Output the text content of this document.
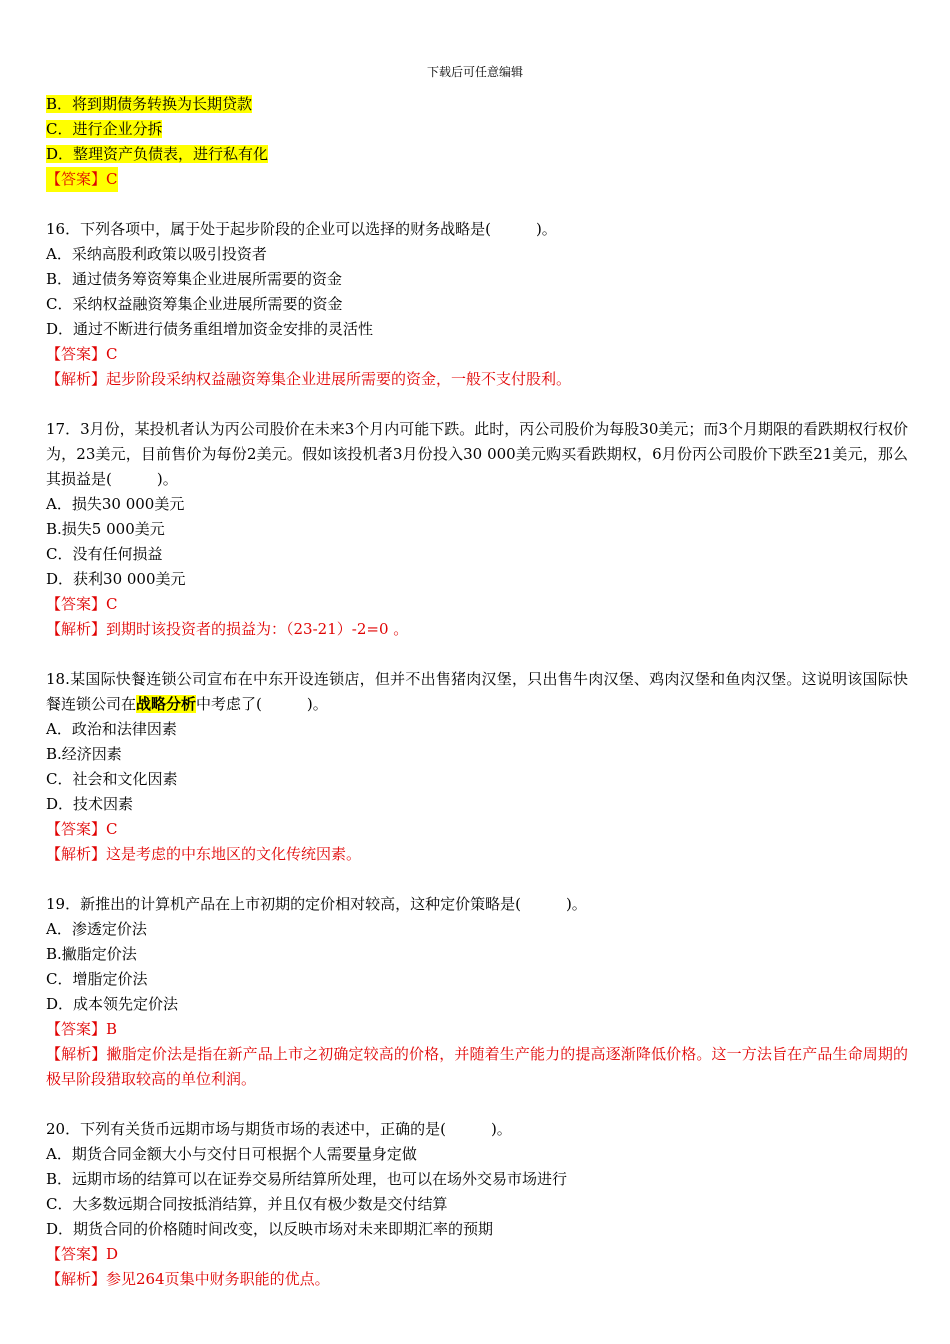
下载后可任意编辑
B．将到期债务转换为长期贷款
C．进行企业分拆
D．整理资产负债表，进行私有化
【答案】C
16．下列各项中，属于处于起步阶段的企业可以选择的财务战略是(　　　)。
A．采纳高股利政策以吸引投资者
B．通过债务筹资筹集企业进展所需要的资金
C．采纳权益融资筹集企业进展所需要的资金
D．通过不断进行债务重组增加资金安排的灵活性
【答案】C
【解析】起步阶段采纳权益融资筹集企业进展所需要的资金，一般不支付股利。
17．3月份，某投机者认为丙公司股价在未来3个月内可能下跌。此时，丙公司股价为每股30美元；而3个月期限的看跌期权行权价为，23美元，目前售价为每份2美元。假如该投机者3月份投入30 000美元购买看跌期权，6月份丙公司股价下跌至21美元，那么其损益是(　　　)。
A．损失30 000美元
B.损失5 000美元
C．没有任何损益
D．获利30 000美元
【答案】C
【解析】到期时该投资者的损益为：（23-21）-2=0 。
18.某国际快餐连锁公司宣布在中东开设连锁店，但并不出售猪肉汉堡，只出售牛肉汉堡、鸡肉汉堡和鱼肉汉堡。这说明该国际快餐连锁公司在战略分析中考虑了(　　　)。
A．政治和法律因素
B.经济因素
C．社会和文化因素
D．技术因素
【答案】C
【解析】这是考虑的中东地区的文化传统因素。
19．新推出的计算机产品在上市初期的定价相对较高，这种定价策略是(　　　)。
A．渗透定价法
B.撇脂定价法
C．增脂定价法
D．成本领先定价法
【答案】B
【解析】撇脂定价法是指在新产品上市之初确定较高的价格，并随着生产能力的提高逐渐降低价格。这一方法旨在产品生命周期的极早阶段猎取较高的单位利润。
20．下列有关货币远期市场与期货市场的表述中，正确的是(　　　)。
A．期货合同金额大小与交付日可根据个人需要量身定做
B．远期市场的结算可以在证券交易所结算所处理，也可以在场外交易市场进行
C．大多数远期合同按抵消结算，并且仅有极少数是交付结算
D．期货合同的价格随时间改变，以反映市场对未来即期汇率的预期
【答案】D
【解析】参见264页集中财务职能的优点。
